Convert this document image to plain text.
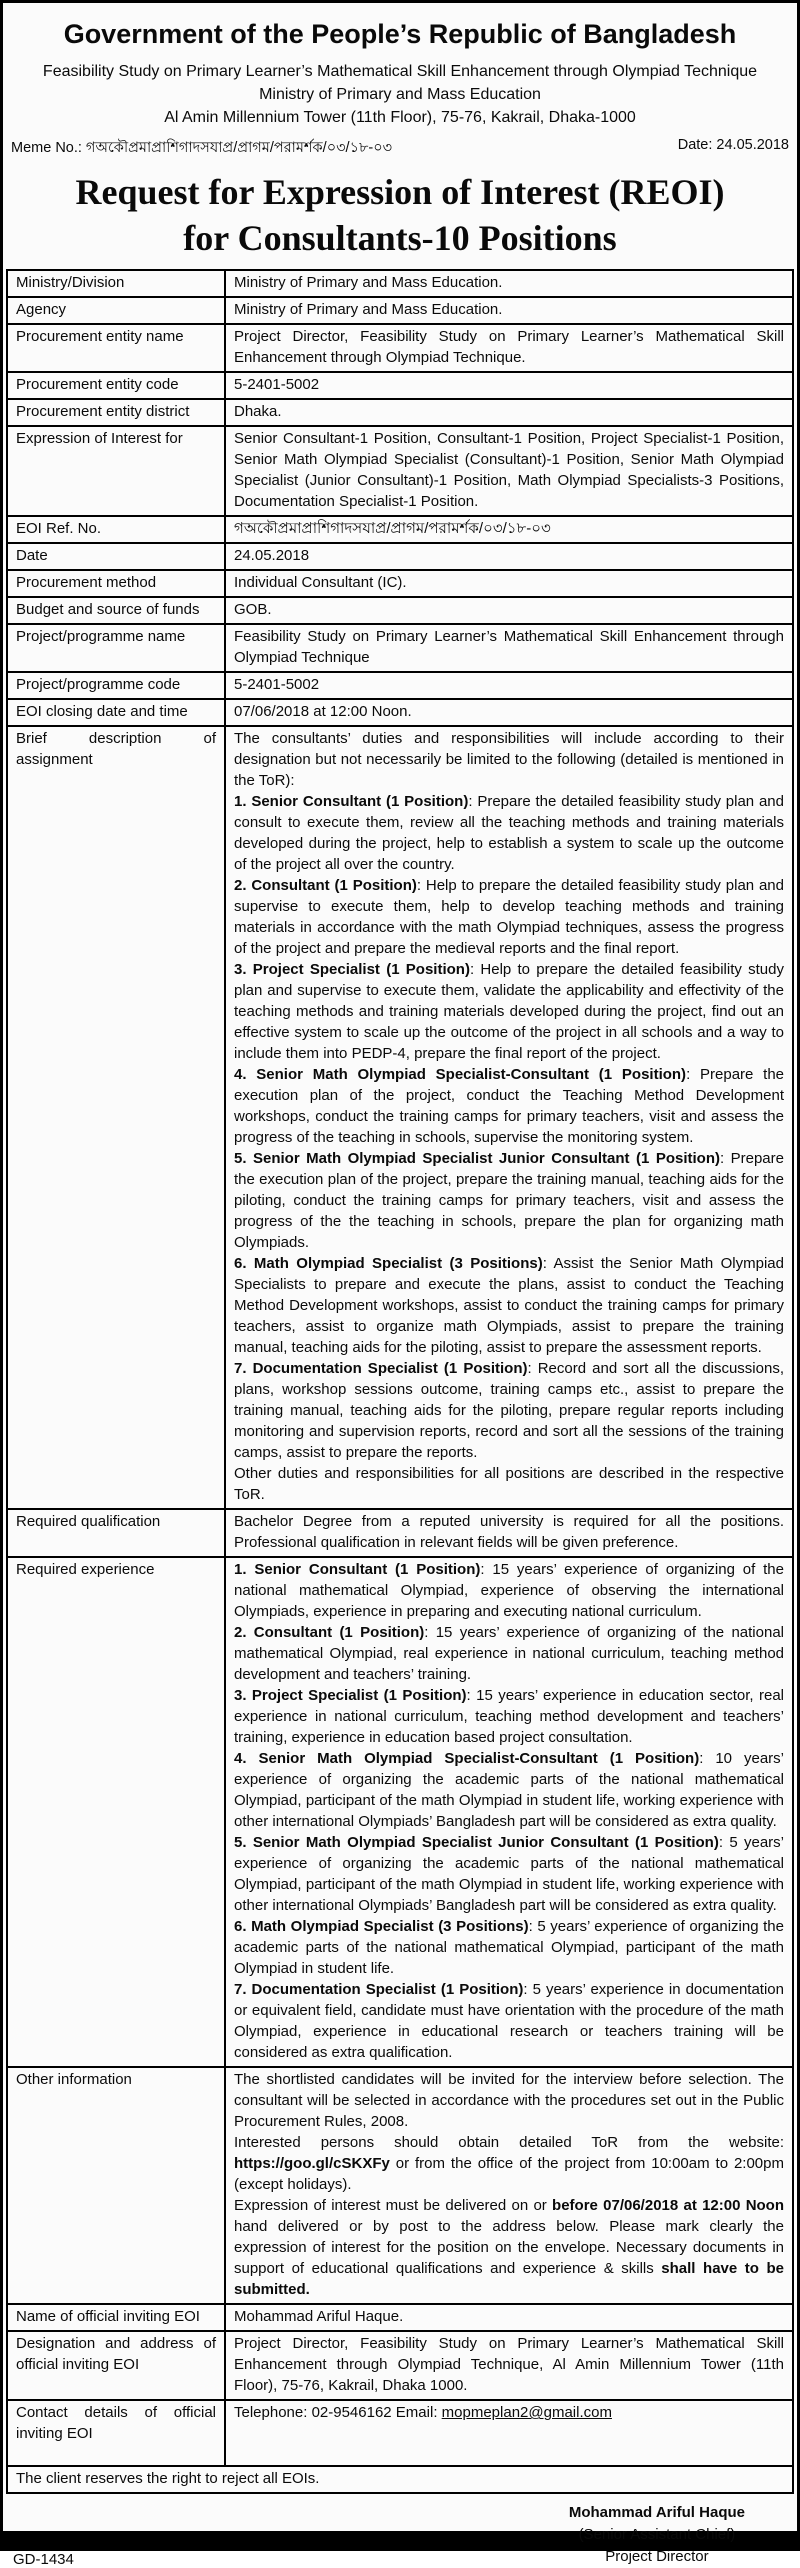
Government of the People’s Republic of Bangladesh
Feasibility Study on Primary Learner’s Mathematical Skill Enhancement through Olympiad Technique
Ministry of Primary and Mass Education
Al Amin Millennium Tower (11th Floor), 75-76, Kakrail, Dhaka-1000
Meme No.: গঅকৌপ্রমাপ্রাশিগাদসযাপ্র/প্রাগম/পরামর্শক/০৩/১৮-০৩	Date: 24.05.2018
Request for Expression of Interest (REOI)
for Consultants-10 Positions
Ministry/Division	Ministry of Primary and Mass Education.
Agency	Ministry of Primary and Mass Education.
Procurement entity name	Project Director, Feasibility Study on Primary Learner’s Mathematical Skill Enhancement through Olympiad Technique.
Procurement entity code	5-2401-5002
Procurement entity district	Dhaka.
Expression of Interest for	Senior Consultant-1 Position, Consultant-1 Position, Project Specialist-1 Position, Senior Math Olympiad Specialist (Consultant)-1 Position, Senior Math Olympiad Specialist (Junior Consultant)-1 Position, Math Olympiad Specialists-3 Positions, Documentation Specialist-1 Position.
EOI Ref. No.	গঅকৌপ্রমাপ্রাশিগাদসযাপ্র/প্রাগম/পরামর্শক/০৩/১৮-০৩
Date	24.05.2018
Procurement method	Individual Consultant (IC).
Budget and source of funds	GOB.
Project/programme name	Feasibility Study on Primary Learner’s Mathematical Skill Enhancement through Olympiad Technique
Project/programme code	5-2401-5002
EOI closing date and time	07/06/2018 at 12:00 Noon.
Brief description of assignment	
The consultants’ duties and responsibilities will include according to their designation but not necessarily be limited to the following (detailed is mentioned in the ToR):
1. Senior Consultant (1 Position): Prepare the detailed feasibility study plan and consult to execute them, review all the teaching methods and training materials developed during the project, help to establish a system to scale up the outcome of the project all over the country.
2. Consultant (1 Position): Help to prepare the detailed feasibility study plan and supervise to execute them, help to develop teaching methods and training materials in accordance with the math Olympiad techniques, assess the progress of the project and prepare the medieval reports and the final report.
3. Project Specialist (1 Position): Help to prepare the detailed feasibility study plan and supervise to execute them, validate the applicability and effectivity of the teaching methods and training materials developed during the project, find out an effective system to scale up the outcome of the project in all schools and a way to include them into PEDP-4, prepare the final report of the project.
4. Senior Math Olympiad Specialist-Consultant (1 Position): Prepare the execution plan of the project, conduct the Teaching Method Development workshops, conduct the training camps for primary teachers, visit and assess the progress of the teaching in schools, supervise the monitoring system.
5. Senior Math Olympiad Specialist Junior Consultant (1 Position): Prepare the execution plan of the project, prepare the training manual, teaching aids for the piloting, conduct the training camps for primary teachers, visit and assess the progress of the the teaching in schools, prepare the plan for organizing math Olympiads.
6. Math Olympiad Specialist (3 Positions): Assist the Senior Math Olympiad Specialists to prepare and execute the plans, assist to conduct the Teaching Method Development workshops, assist to conduct the training camps for primary teachers, assist to organize math Olympiads, assist to prepare the training manual, teaching aids for the piloting, assist to prepare the assessment reports.
7. Documentation Specialist (1 Position): Record and sort all the discussions, plans, workshop sessions outcome, training camps etc., assist to prepare the training manual, teaching aids for the piloting, prepare regular reports including monitoring and supervision reports, record and sort all the sessions of the training camps, assist to prepare the reports.
Other duties and responsibilities for all positions are described in the respective ToR.

Required qualification	Bachelor Degree from a reputed university is required for all the positions. Professional qualification in relevant fields will be given preference.
Required experience	1. Senior Consultant (1 Position): 15 years’ experience of organizing of the national mathematical Olympiad, experience of observing the international Olympiads, experience in preparing and executing national curriculum.
2. Consultant (1 Position): 15 years’ experience of organizing of the national mathematical Olympiad, real experience in national curriculum, teaching method development and teachers’ training.
3. Project Specialist (1 Position): 15 years’ experience in education sector, real experience in national curriculum, teaching method development and teachers’ training, experience in education based project consultation.
4. Senior Math Olympiad Specialist-Consultant (1 Position): 10 years’ experience of organizing the academic parts of the national mathematical Olympiad, participant of the math Olympiad in student life, working experience with other international Olympiads’ Bangladesh part will be considered as extra quality.
5. Senior Math Olympiad Specialist Junior Consultant (1 Position): 5 years’ experience of organizing the academic parts of the national mathematical Olympiad, participant of the math Olympiad in student life, working experience with other international Olympiads’ Bangladesh part will be considered as extra quality.
6. Math Olympiad Specialist (3 Positions): 5 years’ experience of organizing the academic parts of the national mathematical Olympiad, participant of the math Olympiad in student life.
7. Documentation Specialist (1 Position): 5 years’ experience in documentation or equivalent field, candidate must have orientation with the procedure of the math Olympiad, experience in educational research or teachers training will be considered as extra qualification.

Other information	The shortlisted candidates will be invited for the interview before selection. The consultant will be selected in accordance with the procedures set out in the Public Procurement Rules, 2008.
Interested persons should obtain detailed ToR from the website: https://goo.gl/cSKXFy or from the office of the project from 10:00am to 2:00pm (except holidays).
Expression of interest must be delivered on or before 07/06/2018 at 12:00 Noon hand delivered or by post to the address below. Please mark clearly the expression of interest for the position on the envelope. Necessary documents in support of educational qualifications and experience & skills shall have to be submitted.

Name of official inviting EOI	Mohammad Ariful Haque.
Designation and address of official inviting EOI	Project Director, Feasibility Study on Primary Learner’s Mathematical Skill Enhancement through Olympiad Technique, Al Amin Millennium Tower (11th Floor), 75-76, Kakrail, Dhaka 1000.
Contact details of official inviting EOI	Telephone: 02-9546162 Email: mopmeplan2@gmail.com

The client reserves the right to reject all EOIs.	
GD-1434
Mohammad Ariful Haque
(Senior Assistant Chief)
Project Director
